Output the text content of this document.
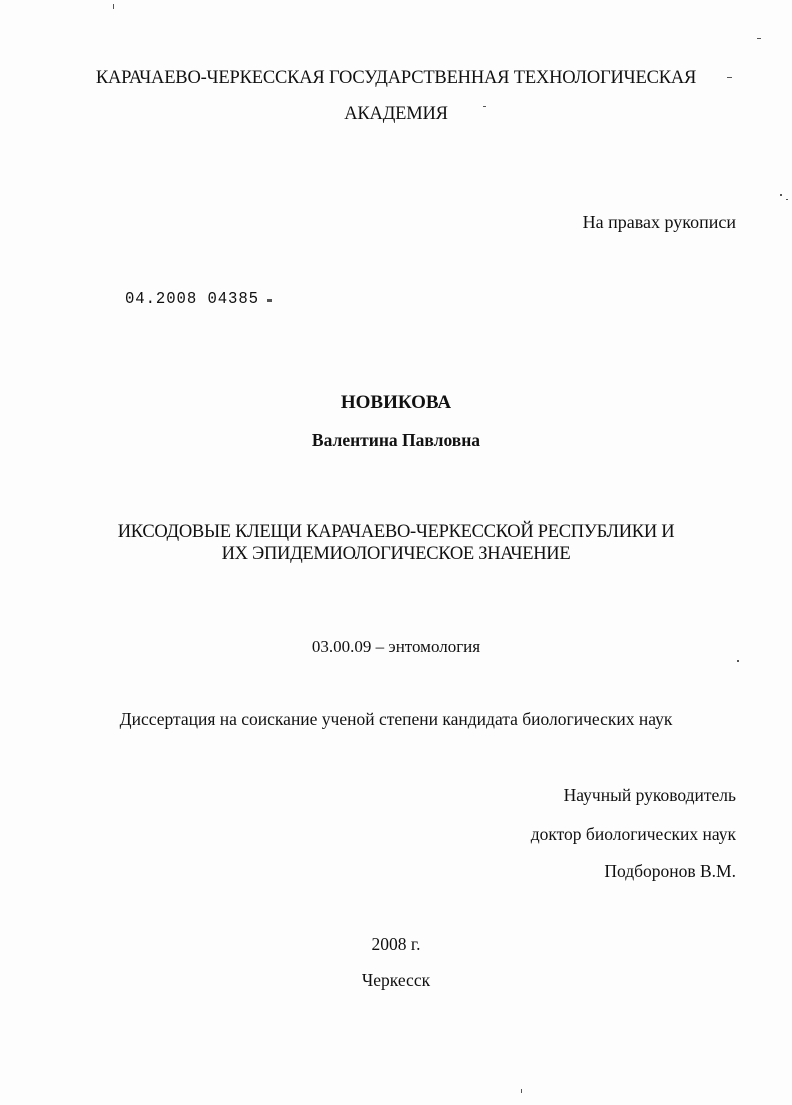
КАРАЧАЕВО-ЧЕРКЕССКАЯ ГОСУДАРСТВЕННАЯ ТЕХНОЛОГИЧЕСКАЯ
АКАДЕМИЯ
На правах рукописи
04.2008 04385
НОВИКОВА
Валентина Павловна
ИКСОДОВЫЕ КЛЕЩИ КАРАЧАЕВО-ЧЕРКЕССКОЙ РЕСПУБЛИКИ И
ИХ ЭПИДЕМИОЛОГИЧЕСКОЕ ЗНАЧЕНИЕ
03.00.09 – энтомология
Диссертация на соискание ученой степени кандидата биологических наук
Научный руководитель
доктор биологических наук
Подборонов В.М.
2008 г.
Черкесск
